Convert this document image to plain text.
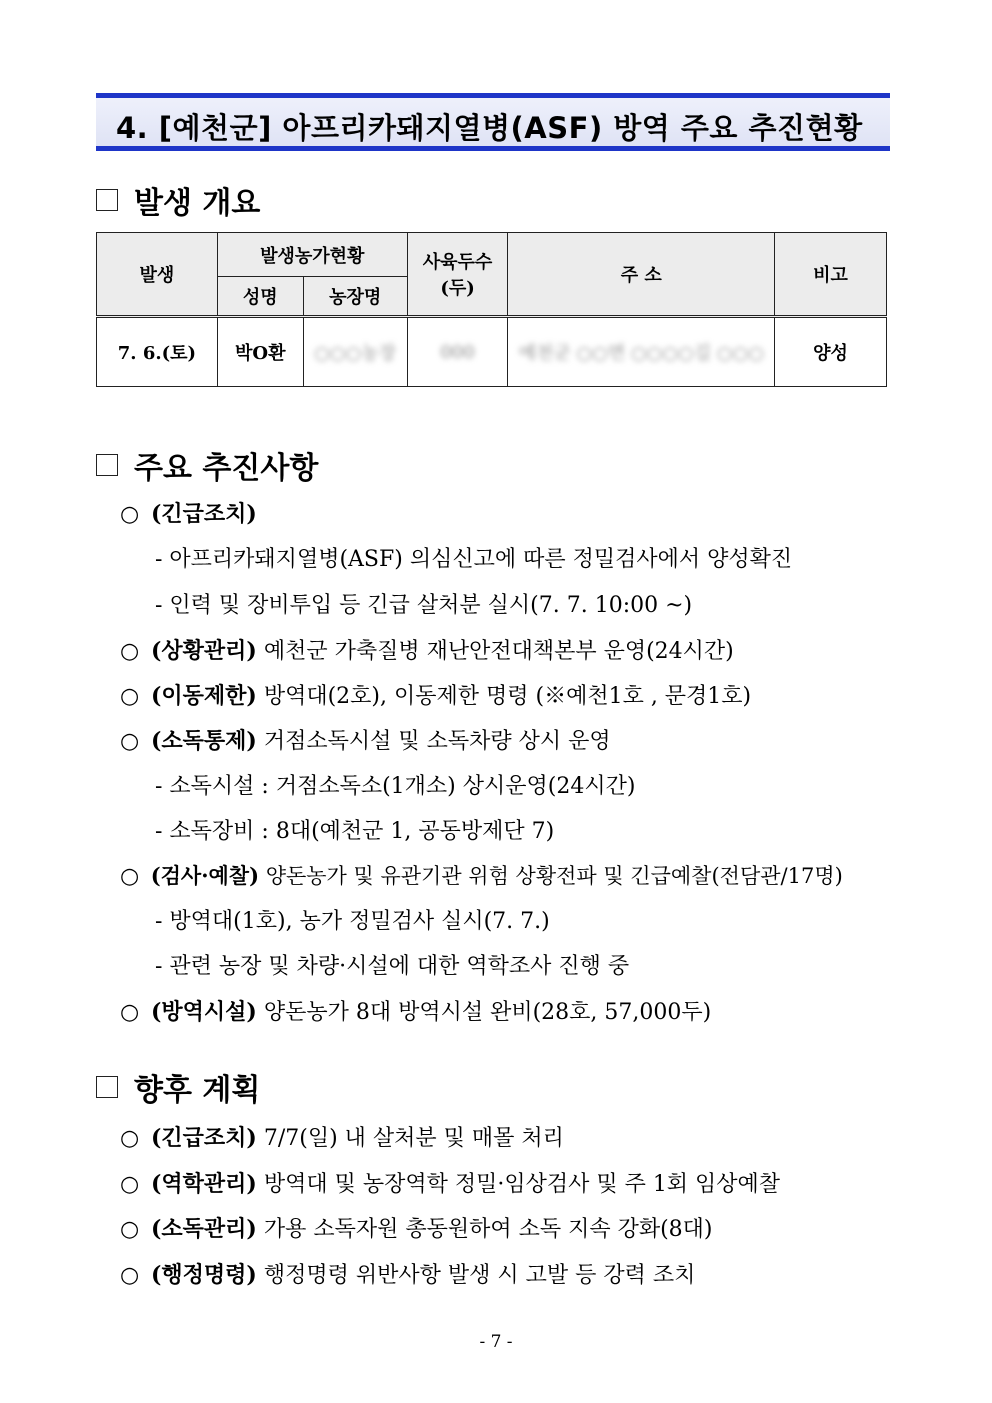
4. [예천군] 아프리카돼지열병(ASF) 방역 주요 추진현황
발생 개요
발생	발생농가현황		사육두수 (두)	주 소	비고
	성명	농장명			
7. 6.(토)	박O환	○○○농장	000	예천군 ○○면 ○○○○길 ○○○	양성
주요 추진사항
○ (긴급조치)
- 아프리카돼지열병(ASF) 의심신고에 따른 정밀검사에서 양성확진
- 인력 및 장비투입 등 긴급 살처분 실시(7. 7. 10:00 ~)
○ (상황관리) 예천군 가축질병 재난안전대책본부 운영(24시간)
○ (이동제한) 방역대(2호), 이동제한 명령 (※예천1호 , 문경1호)
○ (소독통제) 거점소독시설 및 소독차량 상시 운영
- 소독시설 : 거점소독소(1개소) 상시운영(24시간)
- 소독장비 : 8대(예천군 1, 공동방제단 7)
○ (검사·예찰) 양돈농가 및 유관기관 위험 상황전파 및 긴급예찰(전담관/17명)
- 방역대(1호), 농가 정밀검사 실시(7. 7.)
- 관련 농장 및 차량·시설에 대한 역학조사 진행 중
○ (방역시설) 양돈농가 8대 방역시설 완비(28호, 57,000두)
향후 계획
○ (긴급조치) 7/7(일) 내 살처분 및 매몰 처리
○ (역학관리) 방역대 및 농장역학 정밀·임상검사 및 주 1회 임상예찰
○ (소독관리) 가용 소독자원 총동원하여 소독 지속 강화(8대)
○ (행정명령) 행정명령 위반사항 발생 시 고발 등 강력 조치
- 7 -
